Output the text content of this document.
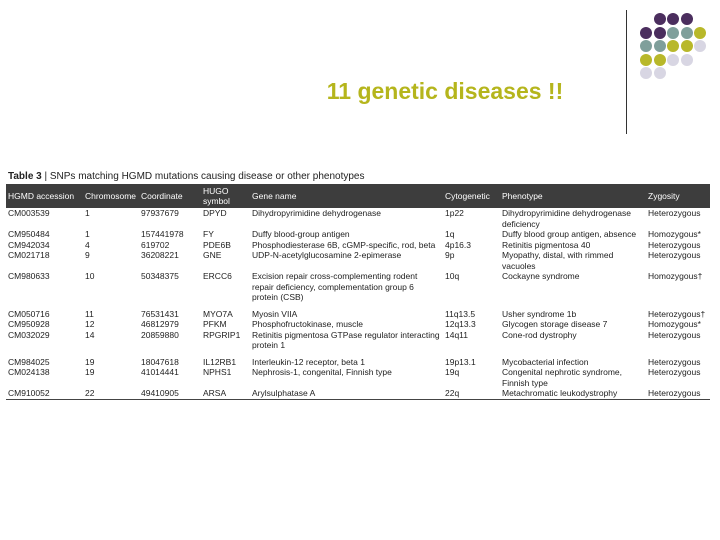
11 genetic diseases !!
Table 3 | SNPs matching HGMD mutations causing disease or other phenotypes
HGMD accession	Chromosome	Coordinate	HUGO symbol	Gene name	Cytogenetic	Phenotype	Zygosity
CM003539	1	97937679	DPYD	Dihydropyrimidine dehydrogenase	1p22	Dihydropyrimidine dehydrogenase deficiency	Heterozygous
CM950484	1	157441978	FY	Duffy blood-group antigen	1q	Duffy blood group antigen, absence	Homozygous*
CM942034	4	619702	PDE6B	Phosphodiesterase 6B, cGMP-specific, rod, beta	4p16.3	Retinitis pigmentosa 40	Heterozygous
CM021718	9	36208221	GNE	UDP-N-acetylglucosamine 2-epimerase	9p	Myopathy, distal, with rimmed vacuoles	Heterozygous
CM980633	10	50348375	ERCC6	Excision repair cross-complementing rodent repair deficiency, complementation group 6 protein (CSB)	10q	Cockayne syndrome	Homozygous†
CM050716	11	76531431	MYO7A	Myosin VIIA	11q13.5	Usher syndrome 1b	Heterozygous†
CM950928	12	46812979	PFKM	Phosphofructokinase, muscle	12q13.3	Glycogen storage disease 7	Homozygous*
CM032029	14	20859880	RPGRIP1	Retinitis pigmentosa GTPase regulator interacting protein 1	14q11	Cone-rod dystrophy	Heterozygous
CM984025	19	18047618	IL12RB1	Interleukin-12 receptor, beta 1	19p13.1	Mycobacterial infection	Heterozygous
CM024138	19	41014441	NPHS1	Nephrosis-1, congenital, Finnish type	19q	Congenital nephrotic syndrome, Finnish type	Heterozygous
CM910052	22	49410905	ARSA	Arylsulphatase A	22q	Metachromatic leukodystrophy	Heterozygous
